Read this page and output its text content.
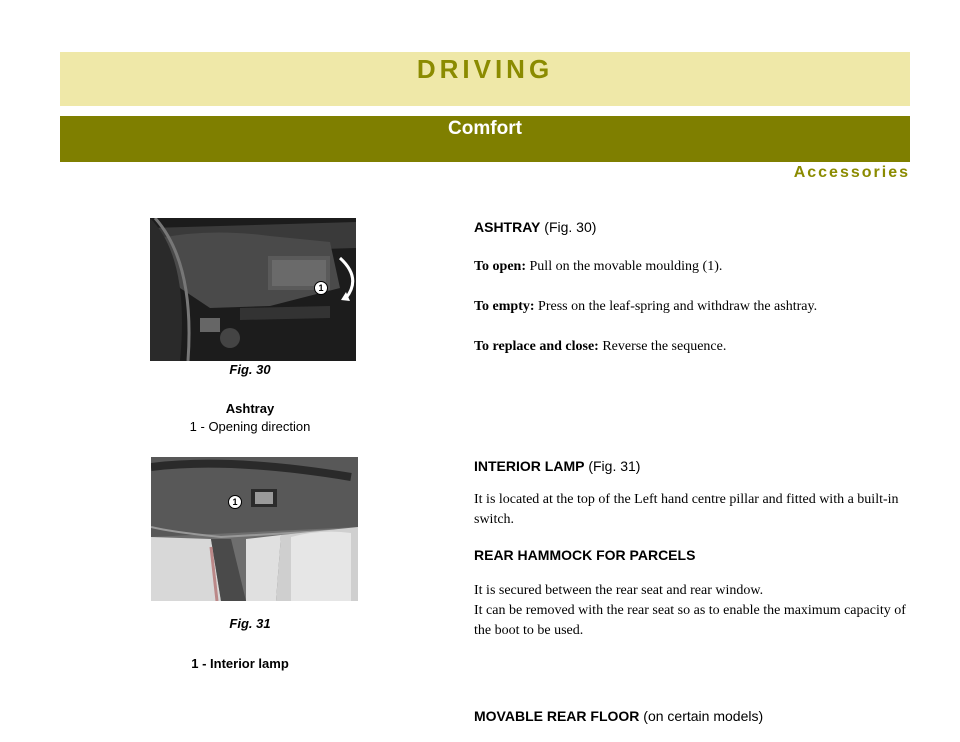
DRIVING
Comfort
Accessories
1
Fig. 30
Ashtray
1 - Opening direction
1
Fig. 31
1 - Interior lamp

ASHTRAY (Fig. 30)

To open: Pull on the movable moulding (1).

To empty: Press on the leaf-spring and withdraw the ashtray.

To replace and close: Reverse the sequence.

INTERIOR LAMP (Fig. 31)

It is located at the top of the Left hand centre pillar and fitted with a built-in switch.

REAR HAMMOCK FOR PARCELS

It is secured between the rear seat and rear window.

It can be removed with the rear seat so as to enable the maximum capacity of the boot to be used.

MOVABLE REAR FLOOR (on certain models)
